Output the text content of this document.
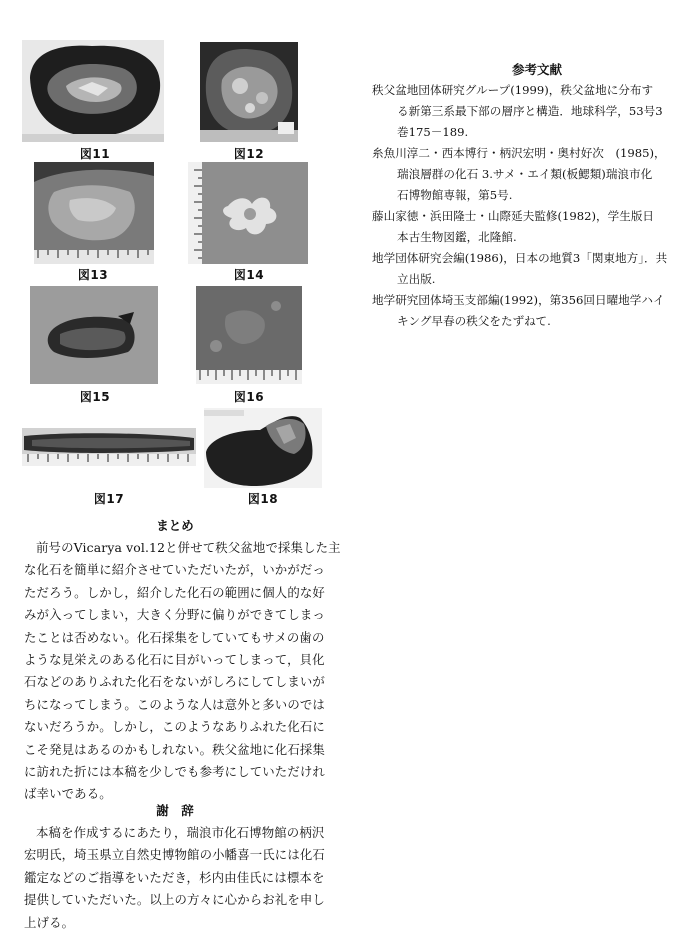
図11	図12
図13	図14
図15	図16
図17	図18
まとめ
前号のVicarya vol.12と併せて秩父盆地で採集した主
な化石を簡単に紹介させていただいたが，いかがだっ
ただろう。しかし，紹介した化石の範囲に個人的な好
みが入ってしまい，大きく分野に偏りができてしまっ
たことは否めない。化石採集をしていてもサメの歯の
ような見栄えのある化石に目がいってしまって，貝化
石などのありふれた化石をないがしろにしてしまいが
ちになってしまう。このような人は意外と多いのでは
ないだろうか。しかし，このようなありふれた化石に
こそ発見はあるのかもしれない。秩父盆地に化石採集
に訪れた折には本稿を少しでも参考にしていただけれ
ば幸いである。
謝　辞
本稿を作成するにあたり，瑞浪市化石博物館の柄沢
宏明氏，埼玉県立自然史博物館の小幡喜一氏には化石
鑑定などのご指導をいただき，杉内由佳氏には標本を
提供していただいた。以上の方々に心からお礼を申し
上げる。
参考文献
秩父盆地団体研究グループ(1999)，秩父盆地に分布す
る新第三系最下部の層序と構造．地球科学，53号3
巻175－189.
糸魚川淳二・西本博行・柄沢宏明・奥村好次　(1985)，
瑞浪層群の化石 3.サメ・エイ類(板鰓類)瑞浪市化
石博物館専報，第5号.
藤山家徳・浜田隆士・山際延夫監修(1982)，学生版日
本古生物図鑑，北隆館.
地学団体研究会編(1986)，日本の地質3「関東地方」．共
立出版.
地学研究団体埼玉支部編(1992)，第356回日曜地学ハイ
キング早春の秩父をたずねて.
